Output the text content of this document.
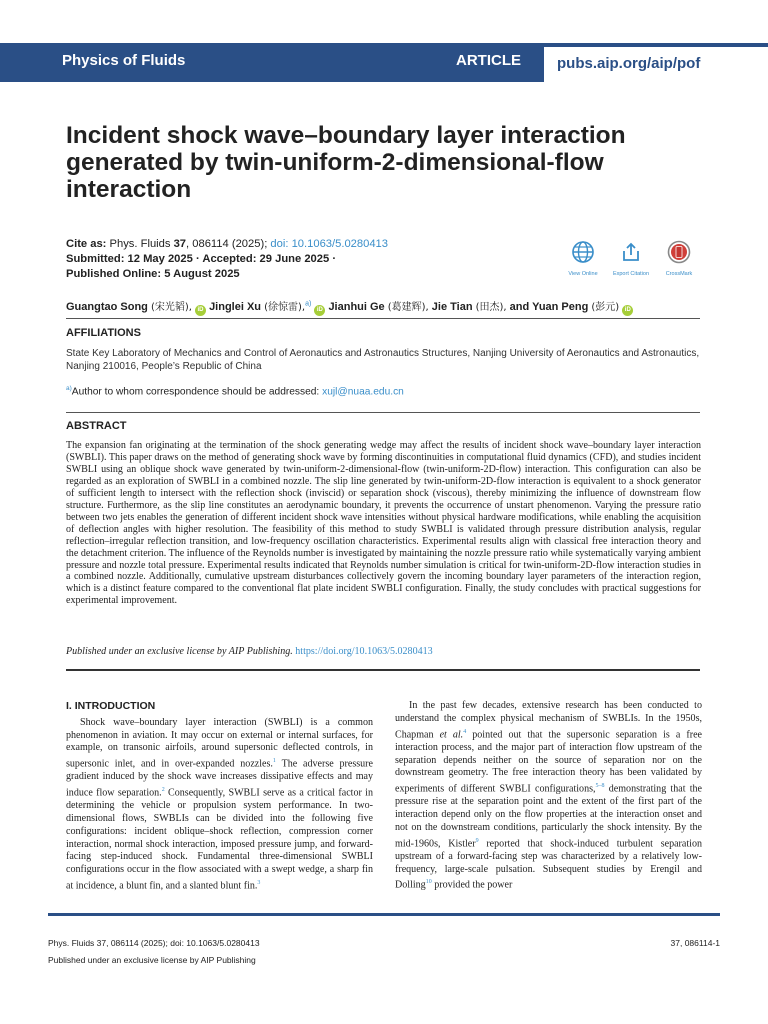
Physics of Fluids	ARTICLE pubs.aip.org/aip/pof
Incident shock wave–boundary layer interaction generated by twin-uniform-2-dimensional-flow interaction
Cite as: Phys. Fluids 37, 086114 (2025); doi: 10.1063/5.0280413
Submitted: 12 May 2025 · Accepted: 29 June 2025 ·
Published Online: 5 August 2025	View Online	Export Citation	CrossMark
Guangtao Song (宋光韬), iD Jinglei Xu (徐惊雷),$^{a)}$ iD Jianhui Ge (葛建辉), Jie Tian (田杰), and Yuan Peng (彭元) iD
AFFILIATIONS
State Key Laboratory of Mechanics and Control of Aeronautics and Astronautics Structures, Nanjing University of Aeronautics and Astronautics, Nanjing 210016, People’s Republic of China
$^{a)}$Author to whom correspondence should be addressed: xujl@nuaa.edu.cn
ABSTRACT
The expansion fan originating at the termination of the shock generating wedge may affect the results of incident shock wave–boundary layer interaction (SWBLI). This paper draws on the method of generating shock wave by forming discontinuities in computational fluid dynamics (CFD), and studies incident SWBLI using an oblique shock wave generated by twin-uniform-2-dimensional-flow (twin-uniform-2D-flow) interaction. This configuration can also be regarded as an exploration of SWBLI in a combined nozzle. The slip line generated by twin-uniform-2D-flow interaction is equivalent to a shock generator of sufficient length to intersect with the reflection shock (inviscid) or separation shock (viscous), thereby minimizing the influence of downstream flow structure. Furthermore, as the slip line constitutes an aerodynamic boundary, it prevents the occurrence of unstart phenomenon. Varying the pressure ratio between two jets enables the generation of different incident shock wave intensities without physical hardware modifications, while enabling the acquisition of deflection angles with higher resolution. The feasibility of this method to study SWBLI is validated through pressure distribution analysis, regular reflection–irregular reflection transition, and low-frequency oscillation characteristics. Experimental results align with classical free interaction theory and the detachment criterion. The influence of the Reynolds number is investigated by maintaining the nozzle pressure ratio while systematically varying ambient pressure and nozzle total pressure. Experimental results indicated that Reynolds number simulation is critical for twin-uniform-2D-flow interaction studies in a combined nozzle. Additionally, cumulative upstream disturbances collectively govern the incoming boundary layer parameters of the interaction region, which is a distinct feature compared to the conventional flat plate incident SWBLI configuration. Finally, the study concludes with practical suggestions for experimental improvement.
Published under an exclusive license by AIP Publishing. https://doi.org/10.1063/5.0280413
I. INTRODUCTION

Shock wave–boundary layer interaction (SWBLI) is a common phenomenon in aviation. It may occur on external or internal surfaces, for example, on transonic airfoils, around supersonic deflected controls, in supersonic inlet, and in over-expanded nozzles.$^1$ The adverse pressure gradient induced by the shock wave increases dissipative effects and may induce flow separation.$^2$ Consequently, SWBLI serve as a critical factor in determining the vehicle or propulsion system performance. In two-dimensional flows, SWBLIs can be divided into the following five configurations: incident oblique–shock reflection, compression corner interaction, normal shock interaction, imposed pressure jump, and forward-facing step-induced shock. Fundamental three-dimensional SWBLI configurations occur in the flow associated with a swept wedge, a sharp fin at incidence, a blunt fin, and a slanted blunt fin.$^3$

In the past few decades, extensive research has been conducted to understand the complex physical mechanism of SWBLIs. In the 1950s, Chapman et al.$^4$ pointed out that the supersonic separation is a free interaction process, and the major part of interaction flow upstream of the separation depends neither on the source of separation nor on the downstream geometry. The free interaction theory has been validated by experiments of different SWBLI configurations,$^{5-8}$ demonstrating that the pressure rise at the separation point and the extent of the first part of the interaction depend only on the flow properties at the interaction onset and not on the downstream conditions, particularly the shock intensity. By the mid-1960s, Kistler$^9$ reported that shock-induced turbulent separation upstream of a forward-facing step was characterized by a relatively low-frequency, large-scale pulsation. Subsequent studies by Erengil and Dolling$^{10}$ provided the power

Phys. Fluids 37, 086114 (2025); doi: 10.1063/5.0280413
Published under an exclusive license by AIP Publishing
37, 086114-1
